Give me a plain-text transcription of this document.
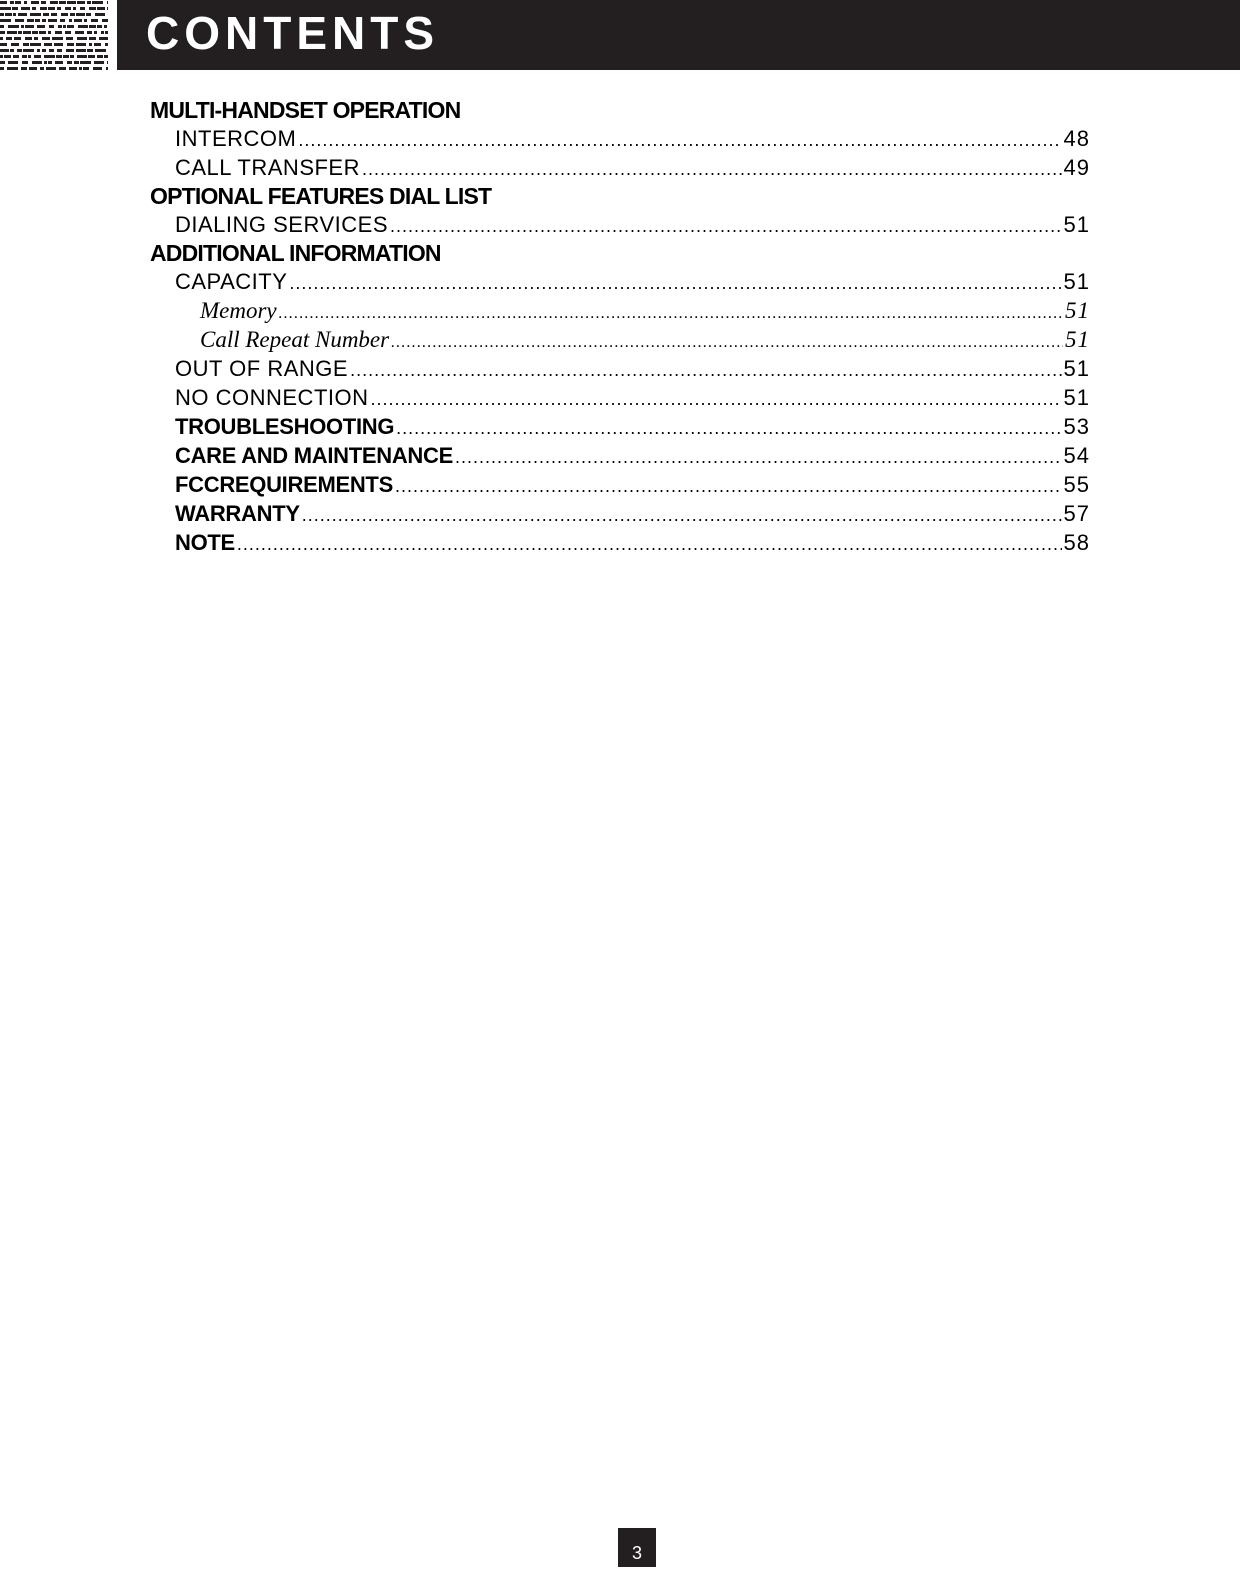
CONTENTS
MULTI-HANDSET OPERATION
INTERCOM .....	48
CALL TRANSFER .....	49
OPTIONAL FEATURES DIAL LIST
DIALING SERVICES .....	51
ADDITIONAL INFORMATION
CAPACITY .....	51
Memory .....	51
Call Repeat Number .....	51
OUT OF RANGE .....	51
NO CONNECTION .....	51
TROUBLESHOOTING .....	53
CARE AND MAINTENANCE .....	54
FCCREQUIREMENTS .....	55
WARRANTY .....	57
NOTE .....	58
3
